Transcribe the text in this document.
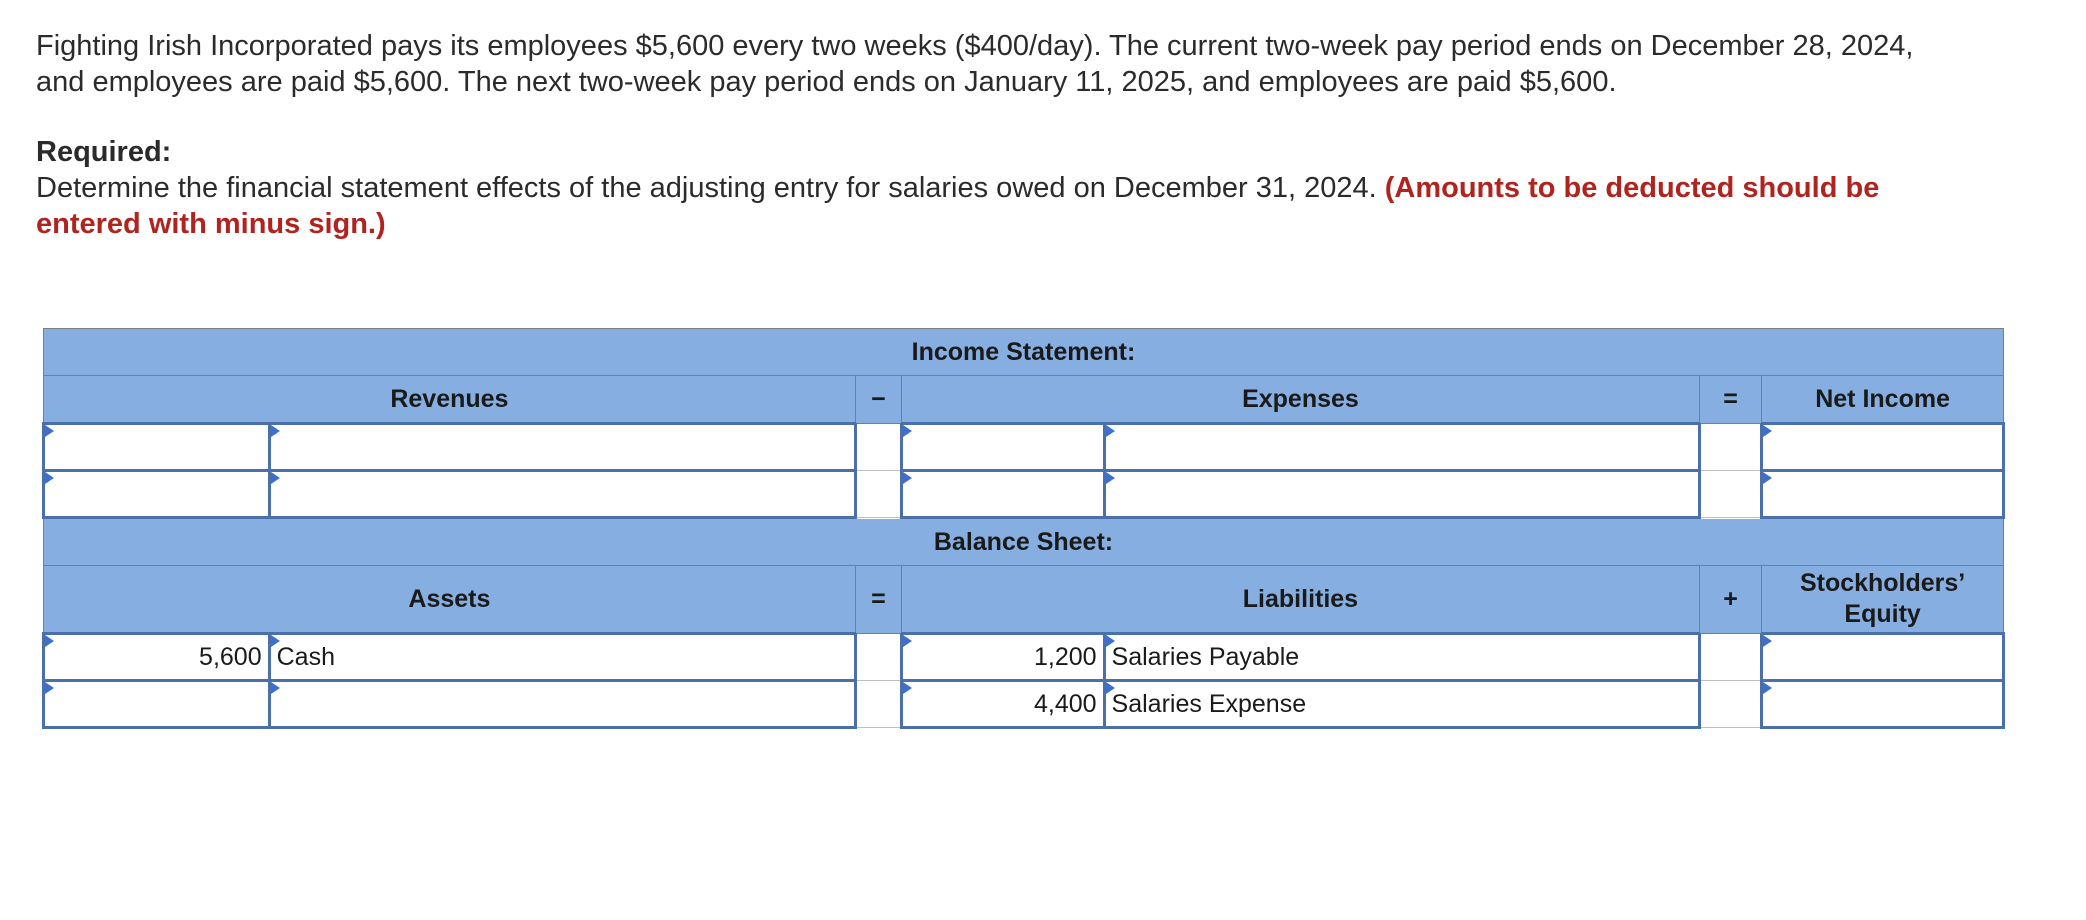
Fighting Irish Incorporated pays its employees $5,600 every two weeks ($400/day). The current two-week pay period ends on December 28, 2024, and employees are paid $5,600. The next two-week pay period ends on January 11, 2025, and employees are paid $5,600.

Required:
Determine the financial statement effects of the adjusting entry for salaries owed on December 31, 2024. (Amounts to be deducted should be entered with minus sign.)

Income Statement:						
Revenues		−	Expenses		=	Net Income

Balance Sheet:						
Assets		=	Liabilities		+	Stockholders’
Equity
5,600	Cash		1,200	Salaries Payable		
			4,400	Salaries Expense		
